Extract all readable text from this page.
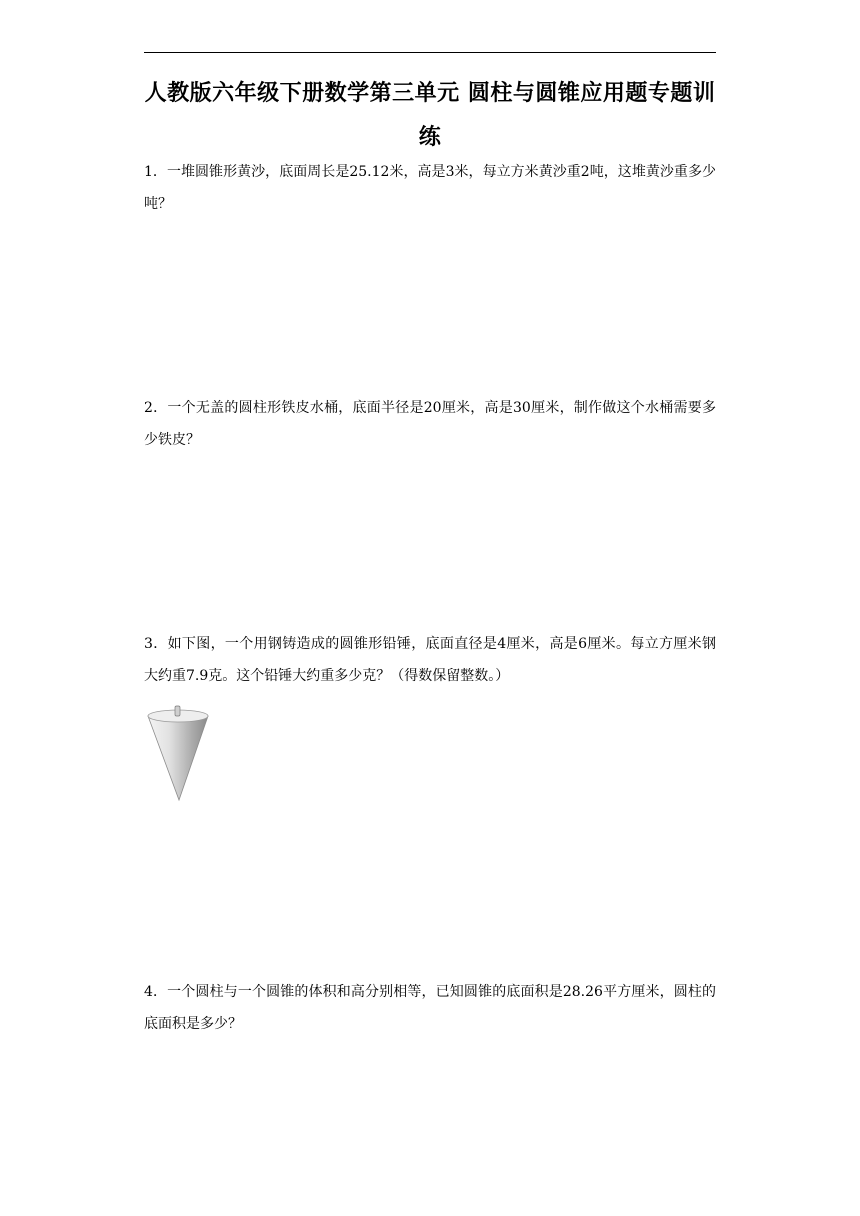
人教版六年级下册数学第三单元 圆柱与圆锥应用题专题训练
1．一堆圆锥形黄沙，底面周长是25.12米，高是3米，每立方米黄沙重2吨，这堆黄沙重多少吨？
2．一个无盖的圆柱形铁皮水桶，底面半径是20厘米，高是30厘米，制作做这个水桶需要多少铁皮？
3．如下图，一个用钢铸造成的圆锥形铅锤，底面直径是4厘米，高是6厘米。每立方厘米钢大约重7.9克。这个铅锤大约重多少克？（得数保留整数。）
4．一个圆柱与一个圆锥的体积和高分别相等，已知圆锥的底面积是28.26平方厘米，圆柱的底面积是多少？
